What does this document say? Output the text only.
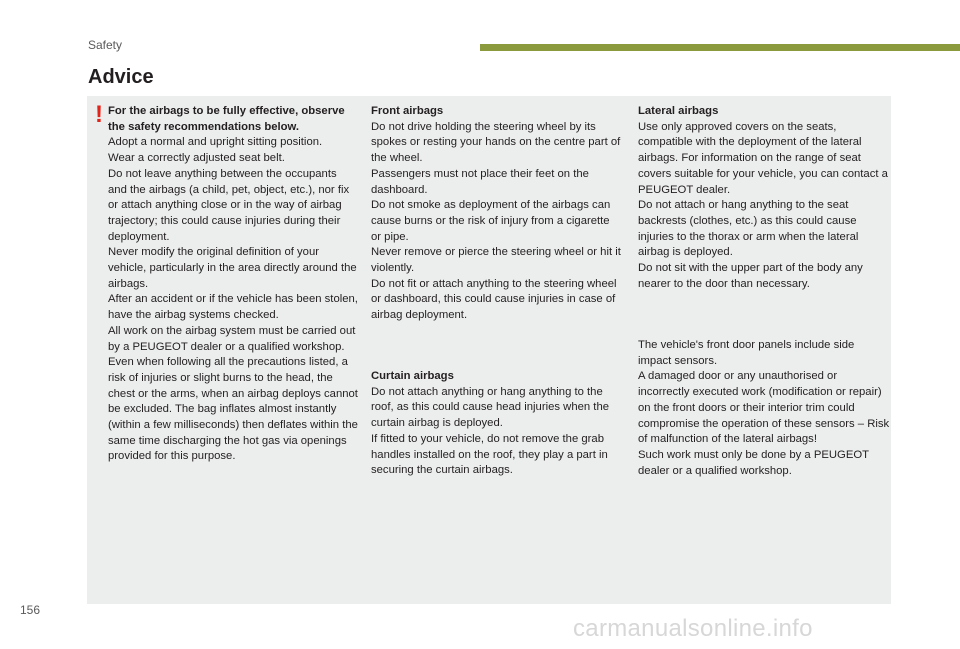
Safety
Advice
! For the airbags to be fully effective, observe the safety recommendations below.

Adopt a normal and upright sitting position.

Wear a correctly adjusted seat belt.

Do not leave anything between the occupants and the airbags (a child, pet, object, etc.), nor fix or attach anything close or in the way of airbag trajectory; this could cause injuries during their deployment.

Never modify the original definition of your vehicle, particularly in the area directly around the airbags.

After an accident or if the vehicle has been stolen, have the airbag systems checked.

All work on the airbag system must be carried out by a PEUGEOT dealer or a qualified workshop.

Even when following all the precautions listed, a risk of injuries or slight burns to the head, the chest or the arms, when an airbag deploys cannot be excluded. The bag inflates almost instantly (within a few milliseconds) then deflates within the same time discharging the hot gas via openings provided for this purpose.

Front airbags

Do not drive holding the steering wheel by its spokes or resting your hands on the centre part of the wheel.

Passengers must not place their feet on the dashboard.

Do not smoke as deployment of the airbags can cause burns or the risk of injury from a cigarette or pipe.

Never remove or pierce the steering wheel or hit it violently.

Do not fit or attach anything to the steering wheel or dashboard, this could cause injuries in case of airbag deployment.

Curtain airbags

Do not attach anything or hang anything to the roof, as this could cause head injuries when the curtain airbag is deployed.

If fitted to your vehicle, do not remove the grab handles installed on the roof, they play a part in securing the curtain airbags.

Lateral airbags

Use only approved covers on the seats, compatible with the deployment of the lateral airbags. For information on the range of seat covers suitable for your vehicle, you can contact a PEUGEOT dealer.

Do not attach or hang anything to the seat backrests (clothes, etc.) as this could cause injuries to the thorax or arm when the lateral airbag is deployed.

Do not sit with the upper part of the body any nearer to the door than necessary.

The vehicle's front door panels include side impact sensors.

A damaged door or any unauthorised or incorrectly executed work (modification or repair) on the front doors or their interior trim could compromise the operation of these sensors – Risk of malfunction of the lateral airbags!

Such work must only be done by a PEUGEOT dealer or a qualified workshop.

156
carmanualsonline.info
